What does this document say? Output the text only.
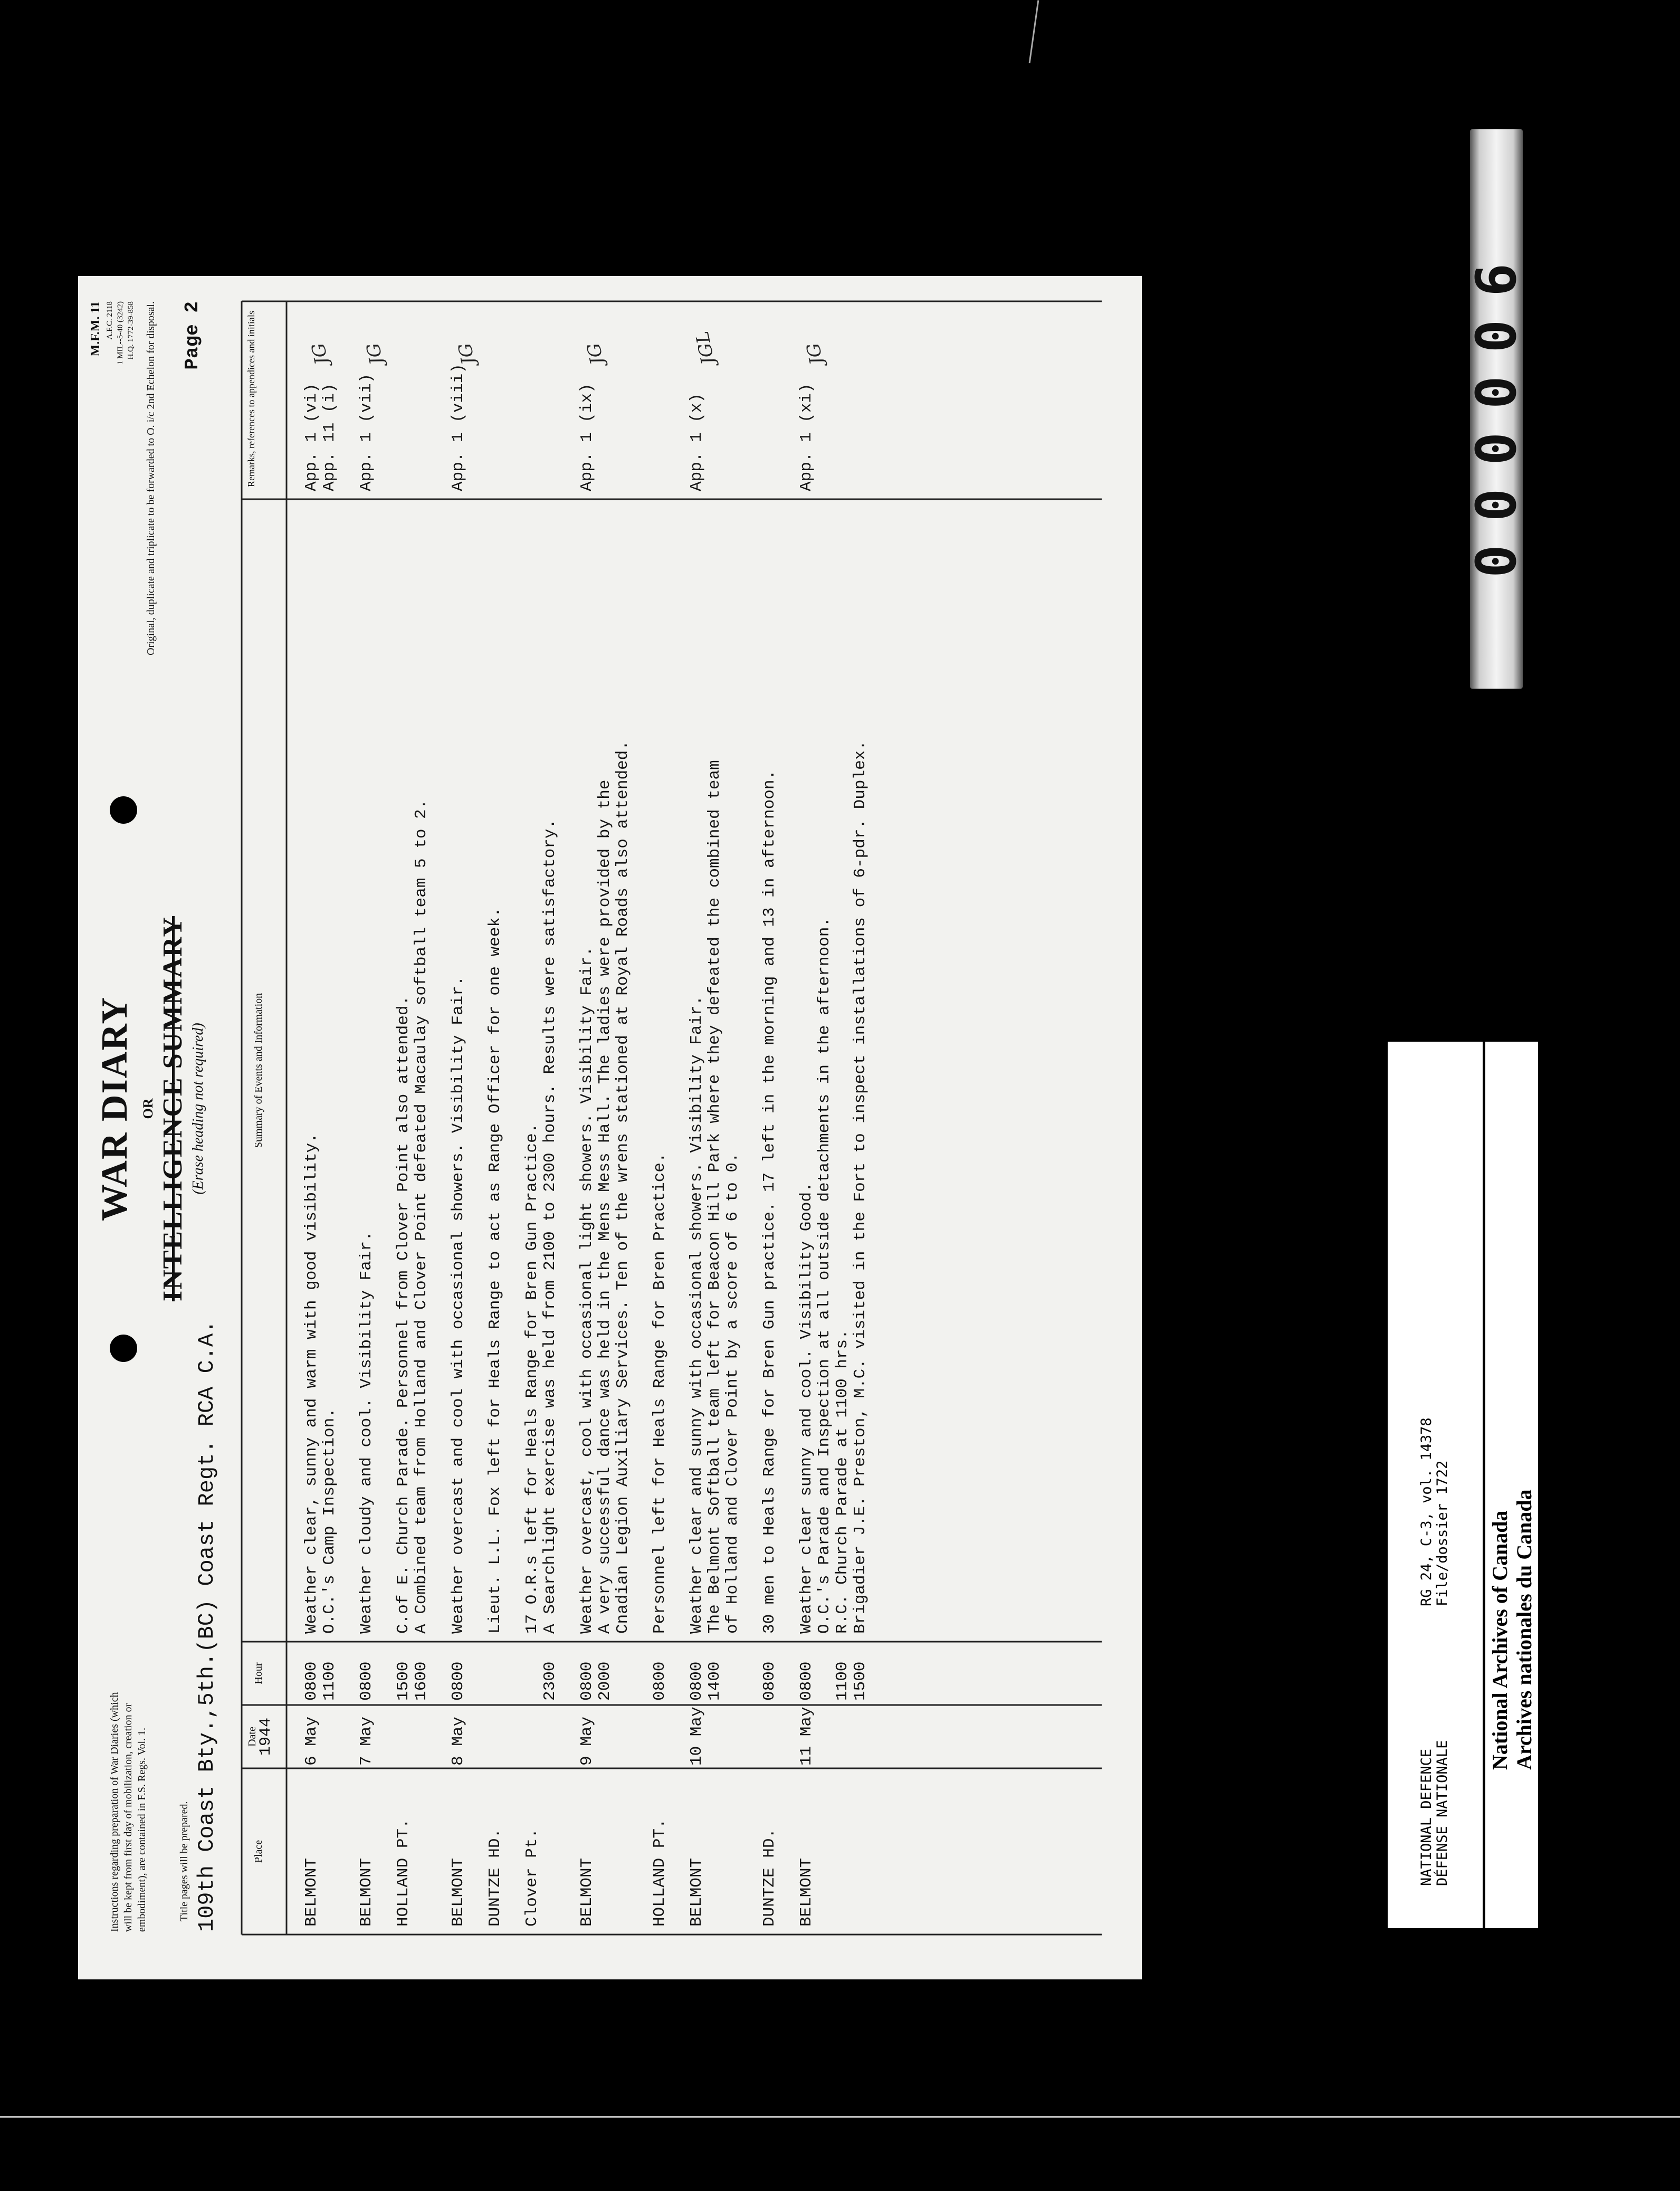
Instructions regarding preparation of War Diaries (which will be kept from first day of mobilization, creation or embodiment), are contained in F.S. Regs. Vol. 1.	Title pages will be prepared. 109th Coast Bty.,5th.(BC) Coast Regt. RCA C.A.
WAR DIARY OR INTELLIGENCE SUMMARY (Erase heading not required)
M.F.M. 11 A.F.C. 2118 1 MIL--5-40 (3242) H.Q. 1772-39-858 Original, duplicate and triplicate to be forwarded to O. i/c 2nd Echelon for disposal. Page 2
Place
Date
1944
Hour
Summary of Events and Information
Remarks, references to appendices and initials
BELMONT
6 May
0800 1100
Weather clear, sunny and warm with good visibility. O.C.'s Camp Inspection.
App. 1 (vi) App. 11 (i)
JG
BELMONT
7 May
0800
Weather cloudy and cool. Visibility Fair.
App. 1 (vii)
JG
HOLLAND PT.
1500 1600
C.of E. Church Parade. Personnel from Clover Point also attended. A Combined team from Holland and Clover Point defeated Macaulay softball team 5 to 2.
BELMONT
8 May
0800
Weather overcast and cool with occasional showers. Visibility Fair.
App. 1 (viii)
JG
DUNTZE HD.
Lieut. L.L. Fox left for Heals Range to act as Range Officer for one week.
Clover Pt.
2300
17 O.R.s left for Heals Range for Bren Gun Practice. A Searchlight exercise was held from 2100 to 2300 hours. Results were satisfactory.
BELMONT
9 May
0800 2000
Weather overcast, cool with occasional light showers. Visibility Fair. A very successful dance was held in the Mens Mess Hall. The ladies were provided by the Cnadian Legion Auxiliary Services. Ten of the wrens stationed at Royal Roads also attended.
App. 1 (ix)
JG
HOLLAND PT.
0800
Personnel left for Heals Range for Bren Practice.
BELMONT
10 May
0800 1400
Weather clear and sunny with occasional showers. Visibility Fair. The Belmont Softball team left for Beacon Hill Park where they defeated the combined team of Holland and Clover Point by a score of 6 to 0.
App. 1 (x)
JGL
DUNTZE HD.
0800
30 men to Heals Range for Bren Gun practice. 17 left in the morning and 13 in afternoon.
BELMONT
11 May
0800 1100 1500
Weather clear sunny and cool. Visibility Good. O.C.'s Parade and Inspection at all outside detachments in the afternoon. R.C. Church Parade at 1100 hrs. Brigadier J.E. Preston, M.C. visited in the Fort to inspect installations of 6-pdr. Duplex.
App. 1 (xi)
JG	000006
NATIONAL DEFENCE DÉFENSE NATIONALE
RG 24, C-3, vol. 14378 File/dossier 1722 National Archives of Canada Archives nationales du Canada
